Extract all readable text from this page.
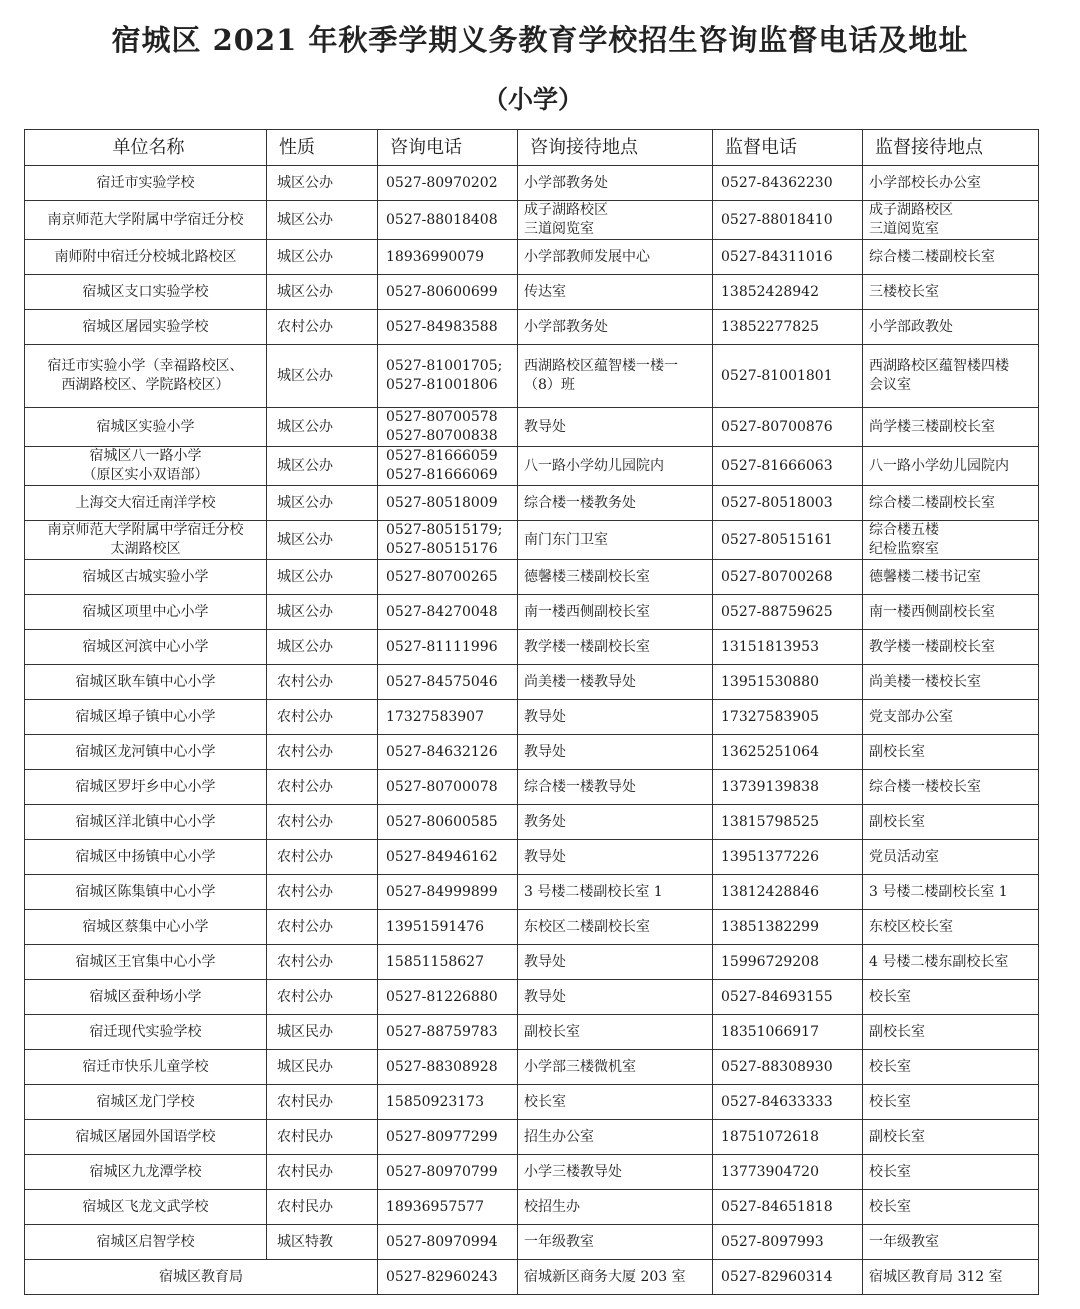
宿城区 2021 年秋季学期义务教育学校招生咨询监督电话及地址
（小学）
单位名称	性质	咨询电话	咨询接待地点	监督电话	监督接待地点

宿迁市实验学校	城区公办	0527-80970202	小学部教务处	0527-84362230	小学部校长办公室

南京师范大学附属中学宿迁分校	城区公办	0527-88018408	成子湖路校区
三道阅览室	0527-88018410	成子湖路校区
三道阅览室

南师附中宿迁分校城北路校区	城区公办	18936990079	小学部教师发展中心	0527-84311016	综合楼二楼副校长室

宿城区支口实验学校	城区公办	0527-80600699	传达室	13852428942	三楼校长室

宿城区屠园实验学校	农村公办	0527-84983588	小学部教务处	13852277825	小学部政教处

宿迁市实验小学（幸福路校区、
西湖路校区、学院路校区）	城区公办	0527-81001705;
0527-81001806	西湖路校区蕴智楼一楼一
（8）班	0527-81001801	西湖路校区蕴智楼四楼
会议室

宿城区实验小学	城区公办	0527-80700578
0527-80700838	教导处	0527-80700876	尚学楼三楼副校长室

宿城区八一路小学
（原区实小双语部）	城区公办	0527-81666059
0527-81666069	八一路小学幼儿园院内	0527-81666063	八一路小学幼儿园院内

上海交大宿迁南洋学校	城区公办	0527-80518009	综合楼一楼教务处	0527-80518003	综合楼二楼副校长室

南京师范大学附属中学宿迁分校
太湖路校区	城区公办	0527-80515179;
0527-80515176	南门东门卫室	0527-80515161	综合楼五楼
纪检监察室

宿城区古城实验小学	城区公办	0527-80700265	德馨楼三楼副校长室	0527-80700268	德馨楼二楼书记室

宿城区项里中心小学	城区公办	0527-84270048	南一楼西侧副校长室	0527-88759625	南一楼西侧副校长室

宿城区河滨中心小学	城区公办	0527-81111996	教学楼一楼副校长室	13151813953	教学楼一楼副校长室

宿城区耿车镇中心小学	农村公办	0527-84575046	尚美楼一楼教导处	13951530880	尚美楼一楼校长室

宿城区埠子镇中心小学	农村公办	17327583907	教导处	17327583905	党支部办公室

宿城区龙河镇中心小学	农村公办	0527-84632126	教导处	13625251064	副校长室

宿城区罗圩乡中心小学	农村公办	0527-80700078	综合楼一楼教导处	13739139838	综合楼一楼校长室

宿城区洋北镇中心小学	农村公办	0527-80600585	教务处	13815798525	副校长室

宿城区中扬镇中心小学	农村公办	0527-84946162	教导处	13951377226	党员活动室

宿城区陈集镇中心小学	农村公办	0527-84999899	3 号楼二楼副校长室 1	13812428846	3 号楼二楼副校长室 1

宿城区蔡集中心小学	农村公办	13951591476	东校区二楼副校长室	13851382299	东校区校长室

宿城区王官集中心小学	农村公办	15851158627	教导处	15996729208	4 号楼二楼东副校长室

宿城区蚕种场小学	农村公办	0527-81226880	教导处	0527-84693155	校长室

宿迁现代实验学校	城区民办	0527-88759783	副校长室	18351066917	副校长室

宿迁市快乐儿童学校	城区民办	0527-88308928	小学部三楼微机室	0527-88308930	校长室

宿城区龙门学校	农村民办	15850923173	校长室	0527-84633333	校长室

宿城区屠园外国语学校	农村民办	0527-80977299	招生办公室	18751072618	副校长室

宿城区九龙潭学校	农村民办	0527-80970799	小学三楼教导处	13773904720	校长室

宿城区飞龙文武学校	农村民办	18936957577	校招生办	0527-84651818	校长室

宿城区启智学校	城区特教	0527-80970994	一年级教室	0527-8097993	一年级教室

宿城区教育局		0527-82960243	宿城新区商务大厦 203 室	0527-82960314	宿城区教育局 312 室
